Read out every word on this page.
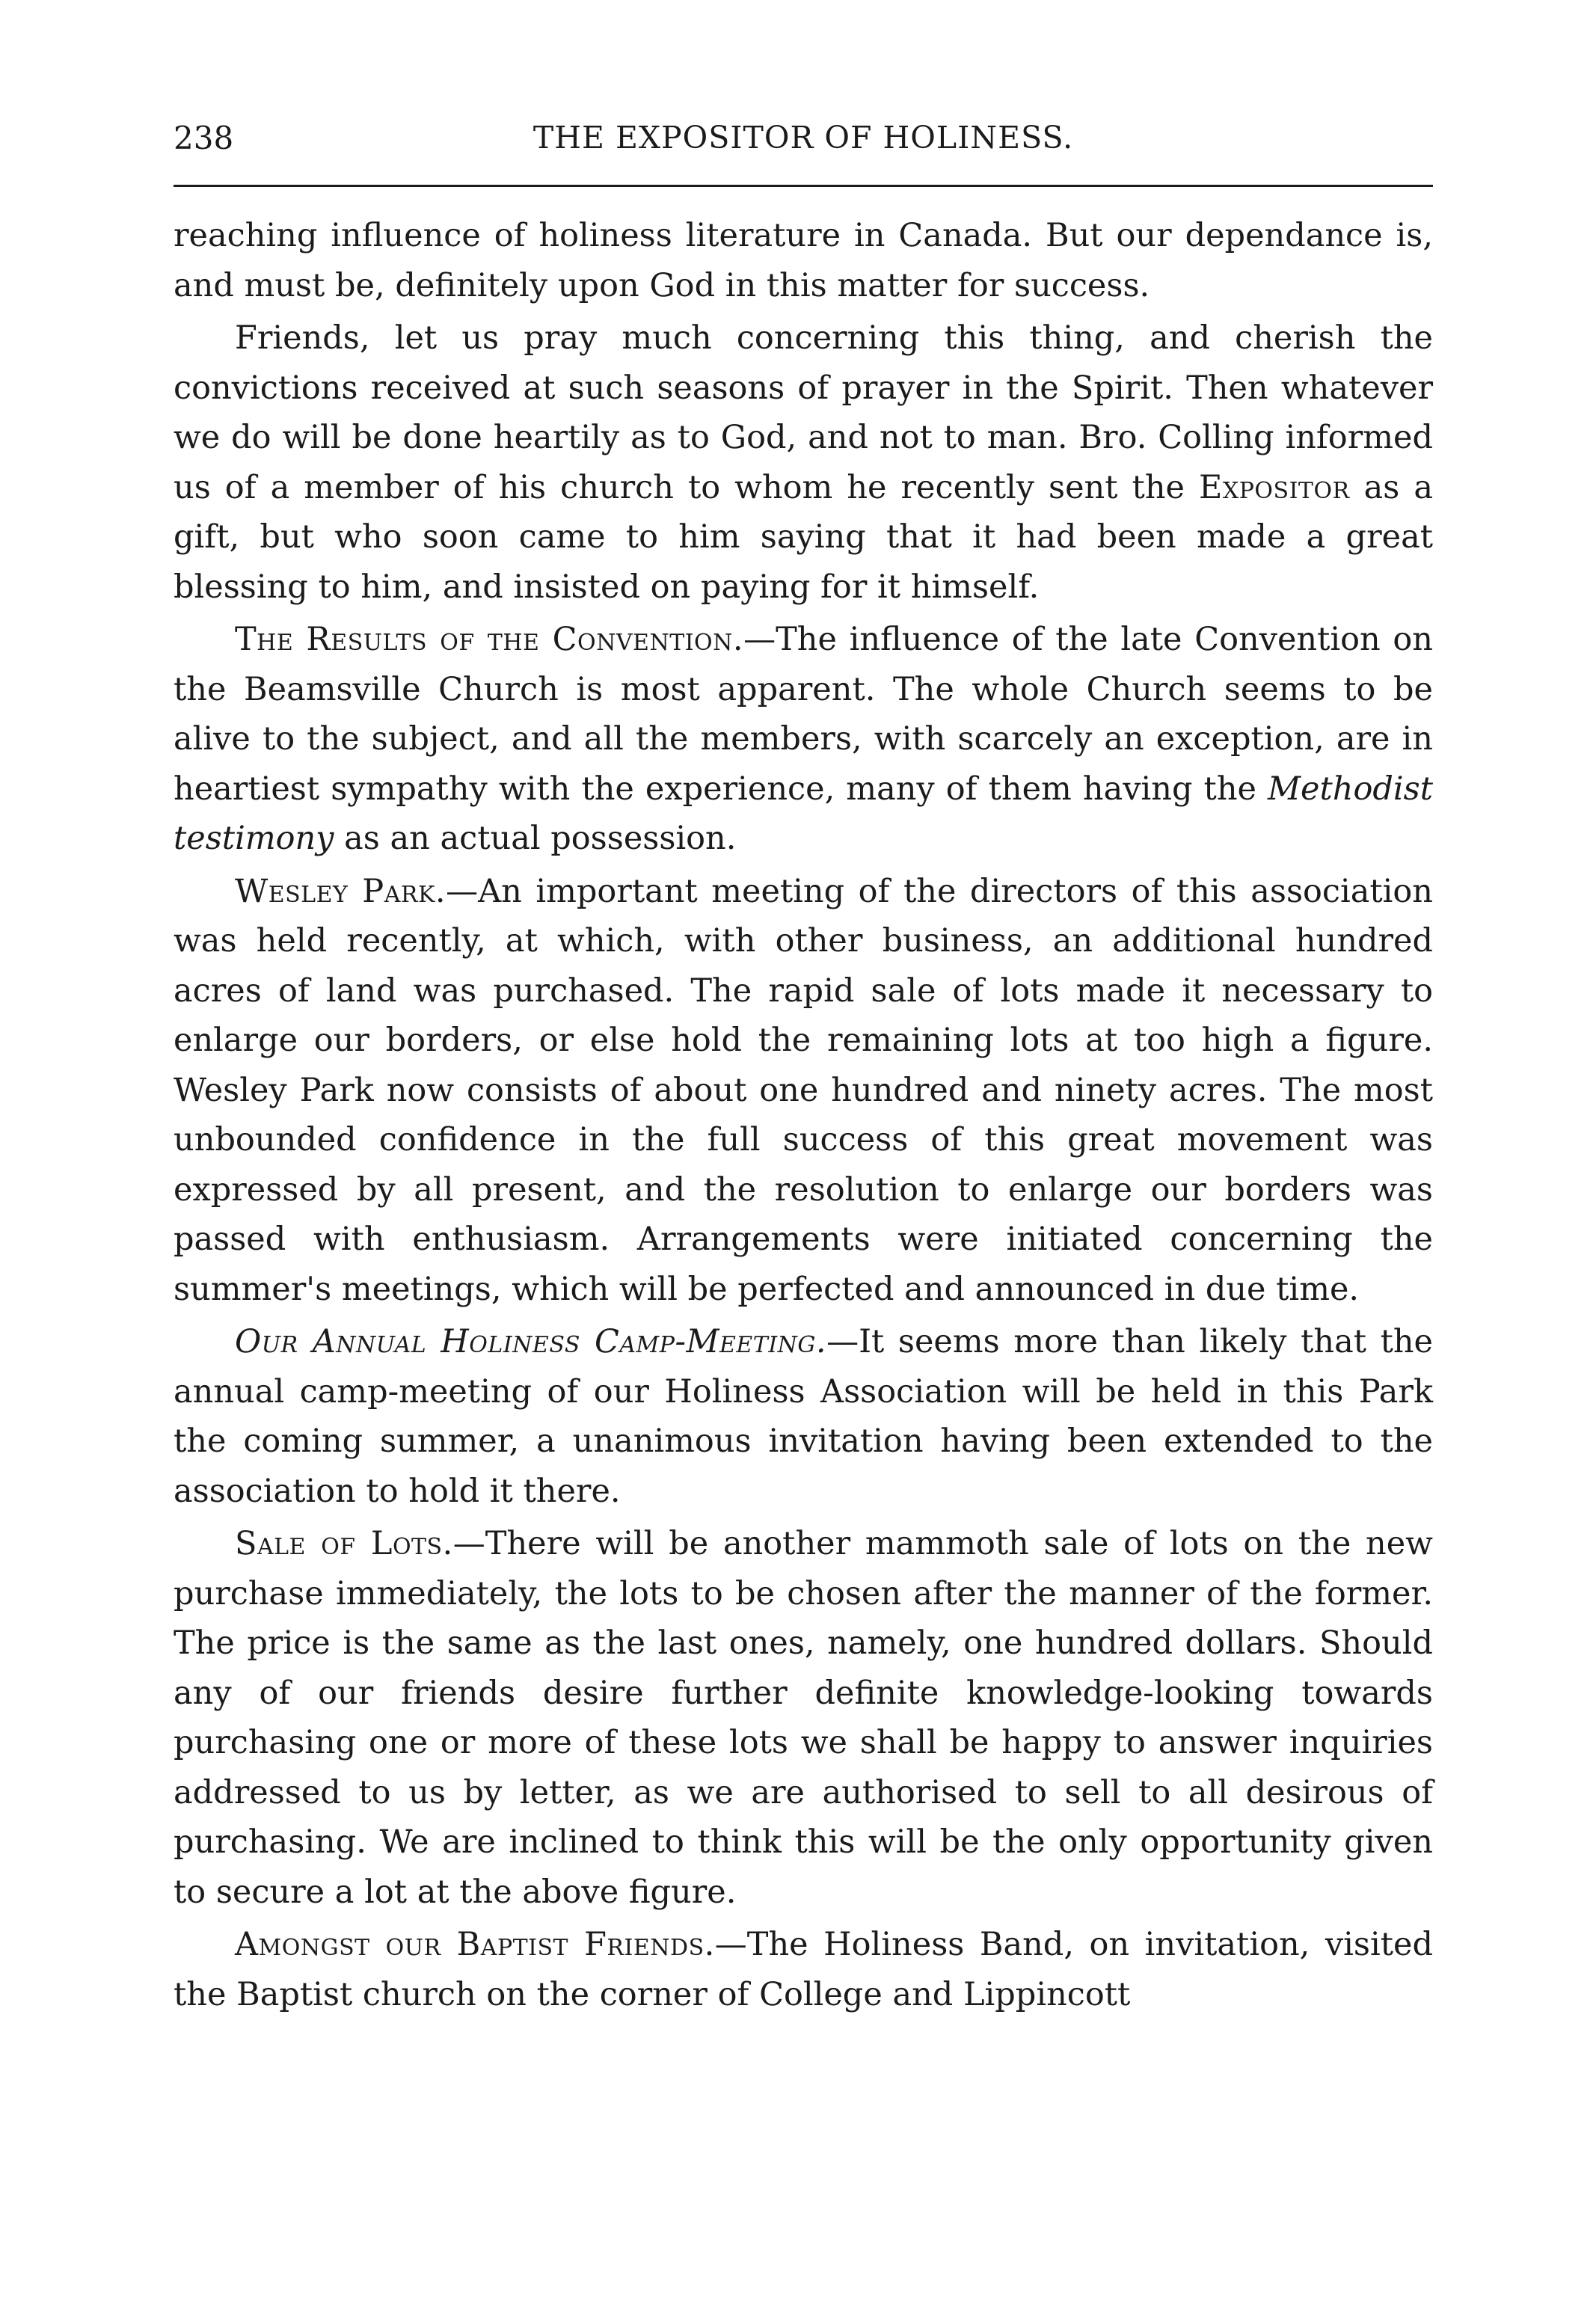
238	THE EXPOSITOR OF HOLINESS.

reaching influence of holiness literature in Canada. But our dependance is, and must be, definitely upon God in this matter for success.

Friends, let us pray much concerning this thing, and cherish the convictions received at such seasons of prayer in the Spirit. Then whatever we do will be done heartily as to God, and not to man. Bro. Colling informed us of a member of his church to whom he recently sent the Expositor as a gift, but who soon came to him saying that it had been made a great blessing to him, and insisted on paying for it himself.

The Results of the Convention.—The influence of the late Convention on the Beamsville Church is most apparent. The whole Church seems to be alive to the subject, and all the members, with scarcely an exception, are in heartiest sympathy with the experience, many of them having the Methodist testimony as an actual possession.

Wesley Park.—An important meeting of the directors of this association was held recently, at which, with other business, an additional hundred acres of land was purchased. The rapid sale of lots made it necessary to enlarge our borders, or else hold the remaining lots at too high a figure. Wesley Park now consists of about one hundred and ninety acres. The most unbounded confidence in the full success of this great movement was expressed by all present, and the resolution to enlarge our borders was passed with enthusiasm. Arrangements were initiated concerning the summer's meetings, which will be perfected and announced in due time.

Our Annual Holiness Camp-Meeting.—It seems more than likely that the annual camp-meeting of our Holiness Association will be held in this Park the coming summer, a unanimous invitation having been extended to the association to hold it there.

Sale of Lots.—There will be another mammoth sale of lots on the new purchase immediately, the lots to be chosen after the manner of the former. The price is the same as the last ones, namely, one hundred dollars. Should any of our friends desire further definite knowledge-looking towards purchasing one or more of these lots we shall be happy to answer inquiries addressed to us by letter, as we are authorised to sell to all desirous of purchasing. We are inclined to think this will be the only opportunity given to secure a lot at the above figure.

Amongst our Baptist Friends.—The Holiness Band, on invitation, visited the Baptist church on the corner of College and Lippincott
